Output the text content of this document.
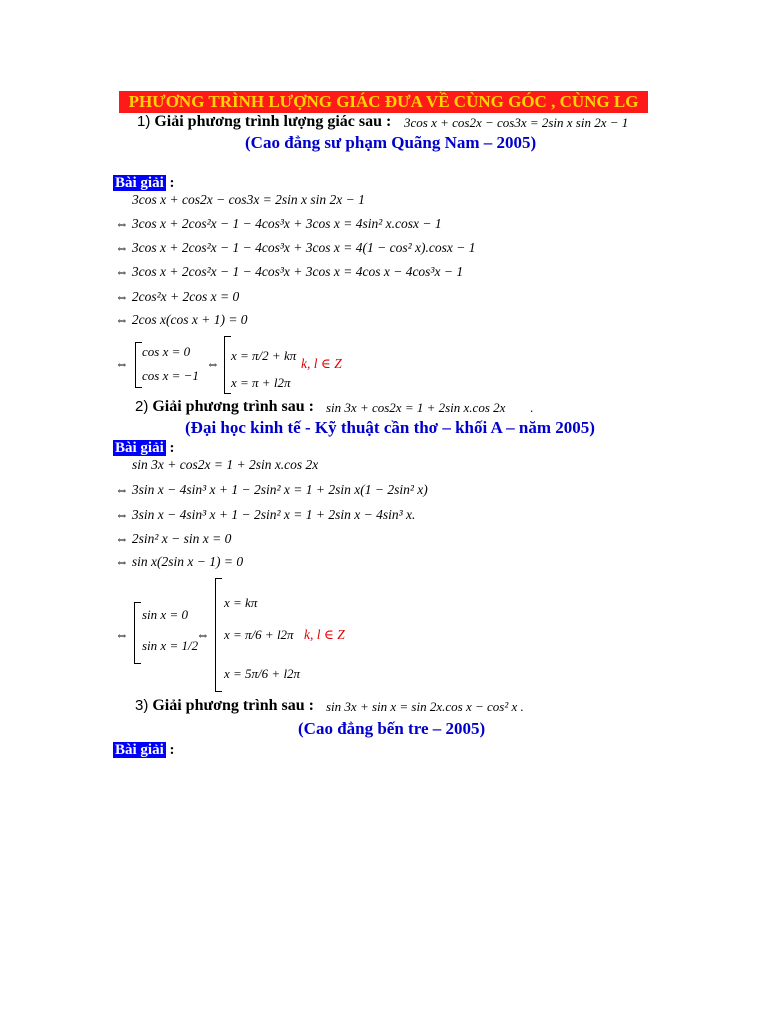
PHƯƠNG TRÌNH LƯỢNG GIÁC ĐƯA VỀ CÙNG GÓC , CÙNG LG
1) Giải phương trình lượng giác sau : 3cos x + cos2x − cos3x = 2sin x sin 2x − 1
(Cao đẳng sư phạm Quãng Nam – 2005)
Bài giải :
3cos x + cos2x − cos3x = 2sin x sin 2x − 1
⇔ 3cos x + 2cos²x − 1 − 4cos³x + 3cos x = 4sin² x.cosx − 1
⇔ 3cos x + 2cos²x − 1 − 4cos³x + 3cos x = 4(1 − cos² x).cosx − 1
⇔ 3cos x + 2cos²x − 1 − 4cos³x + 3cos x = 4cos x − 4cos³x − 1
⇔ 2cos²x + 2cos x = 0
⇔ 2cos x(cos x + 1) = 0
⇔
cos x = 0
cos x = −1
⇔
x = π/2 + kπ
x = π + l2π
k, l ∈ Z
2) Giải phương trình sau : sin 3x + cos2x = 1 + 2sin x.cos 2x .
(Đại học kinh tế - Kỹ thuật cần thơ – khối A – năm 2005)
Bài giải :
sin 3x + cos2x = 1 + 2sin x.cos 2x
⇔ 3sin x − 4sin³ x + 1 − 2sin² x = 1 + 2sin x(1 − 2sin² x)
⇔ 3sin x − 4sin³ x + 1 − 2sin² x = 1 + 2sin x − 4sin³ x.
⇔ 2sin² x − sin x = 0
⇔ sin x(2sin x − 1) = 0
⇔
sin x = 0
sin x = 1/2
⇔
x = kπ
x = π/6 + l2π
x = 5π/6 + l2π
k, l ∈ Z
3) Giải phương trình sau : sin 3x + sin x = sin 2x.cos x − cos² x .
(Cao đẳng bến tre – 2005)
Bài giải :
